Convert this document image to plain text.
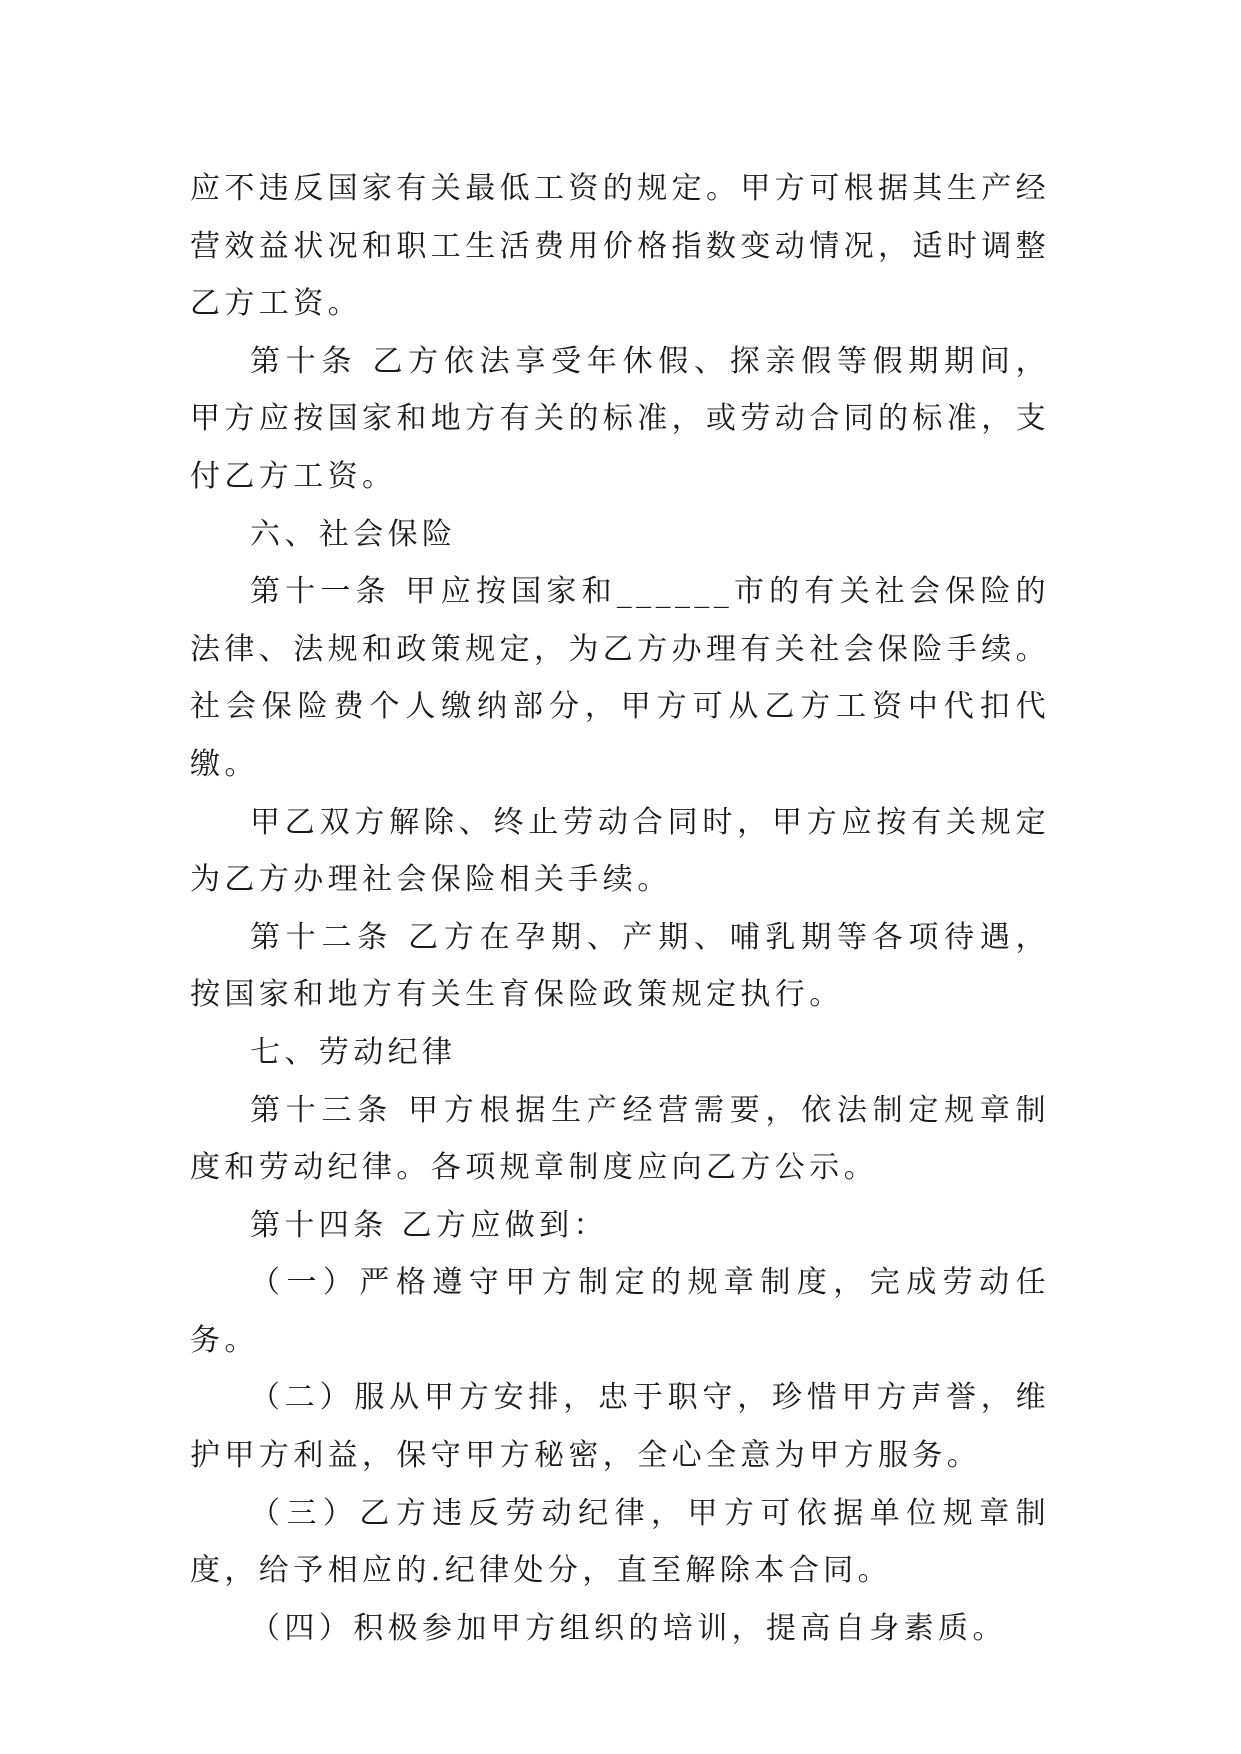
应不违反国家有关最低工资的规定。甲方可根据其生产经营效益状况和职工生活费用价格指数变动情况，适时调整乙方工资。

第十条 乙方依法享受年休假、探亲假等假期期间，甲方应按国家和地方有关的标准，或劳动合同的标准，支付乙方工资。

六、社会保险

第十一条 甲应按国家和______市的有关社会保险的法律、法规和政策规定，为乙方办理有关社会保险手续。社会保险费个人缴纳部分，甲方可从乙方工资中代扣代缴。

甲乙双方解除、终止劳动合同时，甲方应按有关规定为乙方办理社会保险相关手续。

第十二条 乙方在孕期、产期、哺乳期等各项待遇，按国家和地方有关生育保险政策规定执行。

七、劳动纪律

第十三条 甲方根据生产经营需要，依法制定规章制度和劳动纪律。各项规章制度应向乙方公示。

第十四条 乙方应做到：

（一）严格遵守甲方制定的规章制度，完成劳动任务。

（二）服从甲方安排，忠于职守，珍惜甲方声誉，维护甲方利益，保守甲方秘密，全心全意为甲方服务。

（三）乙方违反劳动纪律，甲方可依据单位规章制度，给予相应的.纪律处分，直至解除本合同。

（四）积极参加甲方组织的培训，提高自身素质。
